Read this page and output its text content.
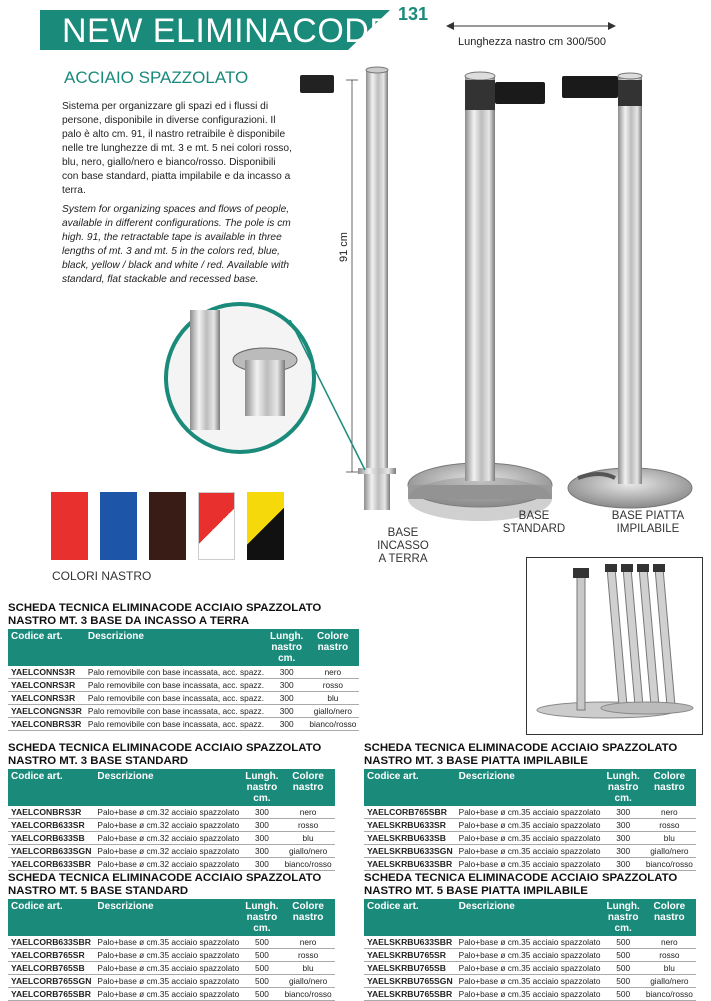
NEW ELIMINACODE 131
ACCIAIO SPAZZOLATO
Sistema per organizzare gli spazi ed i flussi di persone, disponibile in diverse configurazioni. Il palo è alto cm. 91, il nastro retraibile è disponibile nelle tre lunghezze di mt. 3 e mt. 5 nei colori rosso, blu, nero, giallo/nero e bianco/rosso. Disponibili con base standard, piatta impilabile e da incasso a terra.
System for organizing spaces and flows of people, available in different configurations. The pole is cm high. 91, the retractable tape is available in three lengths of mt. 3 and mt. 5 in the colors red, blue, black, yellow / black and white / red. Available with standard, flat stackable and recessed base.
Lunghezza nastro cm 300/500
91 cm
BASE
INCASSO
A TERRA
BASE
STANDARD
BASE PIATTA
IMPILABILE
COLORI NASTRO
SCHEDA TECNICA ELIMINACODE ACCIAIO SPAZZOLATO
NASTRO MT. 3 BASE DA INCASSO A TERRA
Codice art.	Descrizione	Lungh. nastro cm.	Colore nastro
YAELCONNS3R	Palo removibile con base incassata, acc. spazz.	300	nero
YAELCONRS3R	Palo removibile con base incassata, acc. spazz.	300	rosso
YAELCONRS3R	Palo removibile con base incassata, acc. spazz.	300	blu
YAELCONGNS3R	Palo removibile con base incassata, acc. spazz.	300	giallo/nero
YAELCONBRS3R	Palo removibile con base incassata, acc. spazz.	300	bianco/rosso
SCHEDA TECNICA ELIMINACODE ACCIAIO SPAZZOLATO
NASTRO MT. 3 BASE STANDARD
Codice art.	Descrizione	Lungh. nastro cm.	Colore nastro
YAELCONBRS3R	Palo+base ø cm.32 acciaio spazzolato	300	nero
YAELCORB633SR	Palo+base ø cm.32 acciaio spazzolato	300	rosso
YAELCORB633SB	Palo+base ø cm.32 acciaio spazzolato	300	blu
YAELCORB633SGN	Palo+base ø cm.32 acciaio spazzolato	300	giallo/nero
YAELCORB633SBR	Palo+base ø cm.32 acciaio spazzolato	300	bianco/rosso
SCHEDA TECNICA ELIMINACODE ACCIAIO SPAZZOLATO
NASTRO MT. 3 BASE PIATTA IMPILABILE
Codice art.	Descrizione	Lungh. nastro cm.	Colore nastro
YAELCORB765SBR	Palo+base ø cm.35 acciaio spazzolato	300	nero
YAELSKRBU633SR	Palo+base ø cm.35 acciaio spazzolato	300	rosso
YAELSKRBU633SB	Palo+base ø cm.35 acciaio spazzolato	300	blu
YAELSKRBU633SGN	Palo+base ø cm.35 acciaio spazzolato	300	giallo/nero
YAELSKRBU633SBR	Palo+base ø cm.35 acciaio spazzolato	300	bianco/rosso
SCHEDA TECNICA ELIMINACODE ACCIAIO SPAZZOLATO
NASTRO MT. 5 BASE STANDARD
Codice art.	Descrizione	Lungh. nastro cm.	Colore nastro
YAELCORB633SBR	Palo+base ø cm.35 acciaio spazzolato	500	nero
YAELCORB765SR	Palo+base ø cm.35 acciaio spazzolato	500	rosso
YAELCORB765SB	Palo+base ø cm.35 acciaio spazzolato	500	blu
YAELCORB765SGN	Palo+base ø cm.35 acciaio spazzolato	500	giallo/nero
YAELCORB765SBR	Palo+base ø cm.35 acciaio spazzolato	500	bianco/rosso
SCHEDA TECNICA ELIMINACODE ACCIAIO SPAZZOLATO
NASTRO MT. 5 BASE PIATTA IMPILABILE
Codice art.	Descrizione	Lungh. nastro cm.	Colore nastro
YAELSKRBU633SBR	Palo+base ø cm.35 acciaio spazzolato	500	nero
YAELSKRBU765SR	Palo+base ø cm.35 acciaio spazzolato	500	rosso
YAELSKRBU765SB	Palo+base ø cm.35 acciaio spazzolato	500	blu
YAELSKRBU765SGN	Palo+base ø cm.35 acciaio spazzolato	500	giallo/nero
YAELSKRBU765SBR	Palo+base ø cm.35 acciaio spazzolato	500	bianco/rosso
